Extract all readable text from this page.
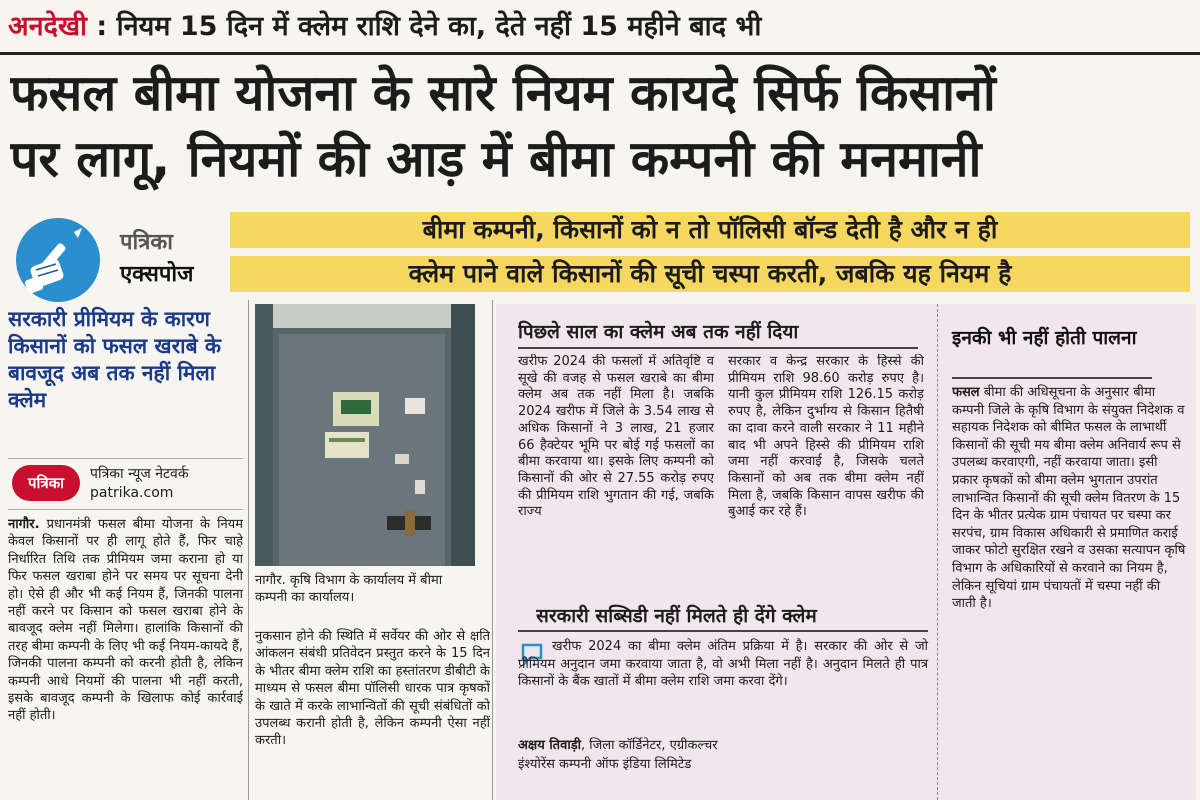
अनदेखी : नियम 15 दिन में क्लेम राशि देने का, देते नहीं 15 महीने बाद भी
फसल बीमा योजना के सारे नियम कायदे सिर्फ किसानों
पर लागू, नियमों की आड़ में बीमा कम्पनी की मनमानी
पत्रिका
एक्सपोज
बीमा कम्पनी, किसानों को न तो पॉलिसी बॉन्ड देती है और न ही
क्लेम पाने वाले किसानों की सूची चस्पा करती, जबकि यह नियम है
सरकारी प्रीमियम के कारण किसानों को फसल खराबे के बावजूद अब तक नहीं मिला क्लेम
पत्रिका	पत्रिका न्यूज नेटवर्क
patrika.com
नागौर. प्रधानमंत्री फसल बीमा योजना के नियम केवल किसानों पर ही लागू होते हैं, फिर चाहे निर्धारित तिथि तक प्रीमियम जमा कराना हो या फिर फसल खराबा होने पर समय पर सूचना देनी हो। ऐसे ही और भी कई नियम हैं, जिनकी पालना नहीं करने पर किसान को फसल खराबा होने के बावजूद क्लेम नहीं मिलेगा। हालांकि किसानों की तरह बीमा कम्पनी के लिए भी कई नियम-कायदे हैं, जिनकी पालना कम्पनी को करनी होती है, लेकिन कम्पनी आधे नियमों की पालना भी नहीं करती, इसके बावजूद कम्पनी के खिलाफ कोई कार्रवाई नहीं होती।
नागौर. कृषि विभाग के कार्यालय में बीमा कम्पनी का कार्यालय।
नुकसान होने की स्थिति में सर्वेयर की ओर से क्षति आंकलन संबंधी प्रतिवेदन प्रस्तुत करने के 15 दिन के भीतर बीमा क्लेम राशि का हस्तांतरण डीबीटी के माध्यम से फसल बीमा पॉलिसी धारक पात्र कृषकों के खाते में करके लाभान्वितों की सूची संबंधितों को उपलब्ध करानी होती है, लेकिन कम्पनी ऐसा नहीं करती।
पिछले साल का क्लेम अब तक नहीं दिया
खरीफ 2024 की फसलों में अतिवृष्टि व सूखे की वजह से फसल खराबे का बीमा क्लेम अब तक नहीं मिला है। जबकि 2024 खरीफ में जिले के 3.54 लाख से अधिक किसानों ने 3 लाख, 21 हजार 66 हैक्टेयर भूमि पर बोई गई फसलों का बीमा करवाया था। इसके लिए कम्पनी को किसानों की ओर से 27.55 करोड़ रुपए की प्रीमियम राशि भुगतान की गई, जबकि राज्य
सरकार व केन्द्र सरकार के हिस्से की प्रीमियम राशि 98.60 करोड़ रुपए है। यानी कुल प्रीमियम राशि 126.15 करोड़ रुपए है, लेकिन दुर्भाग्य से किसान हितैषी का दावा करने वाली सरकार ने 11 महीने बाद भी अपने हिस्से की प्रीमियम राशि जमा नहीं करवाई है, जिसके चलते किसानों को अब तक बीमा क्लेम नहीं मिला है, जबकि किसान वापस खरीफ की बुआई कर रहे हैं।
सरकारी सब्सिडी नहीं मिलते ही देंगे क्लेम
खरीफ 2024 का बीमा क्लेम अंतिम प्रक्रिया में है। सरकार की ओर से जो प्रीमियम अनुदान जमा करवाया जाता है, वो अभी मिला नहीं है। अनुदान मिलते ही पात्र किसानों के बैंक खातों में बीमा क्लेम राशि जमा करवा देंगे।
अक्षय तिवाड़ी, जिला कॉर्डिनेटर, एग्रीकल्चर
इंश्योरेंस कम्पनी ऑफ इंडिया लिमिटेड
इनकी भी नहीं होती पालना
फसल बीमा की अधिसूचना के अनुसार बीमा कम्पनी जिले के कृषि विभाग के संयुक्त निदेशक व सहायक निदेशक को बीमित फसल के लाभार्थी किसानों की सूची मय बीमा क्लेम अनिवार्य रूप से उपलब्ध करवाएगी, नहीं करवाया जाता। इसी प्रकार कृषकों को बीमा क्लेम भुगतान उपरांत लाभान्वित किसानों की सूची क्लेम वितरण के 15 दिन के भीतर प्रत्येक ग्राम पंचायत पर चस्पा कर सरपंच, ग्राम विकास अधिकारी से प्रमाणित कराई जाकर फोटो सुरक्षित रखने व उसका सत्यापन कृषि विभाग के अधिकारियों से करवाने का नियम है, लेकिन सूचियां ग्राम पंचायतों में चस्पा नहीं की जाती है।
